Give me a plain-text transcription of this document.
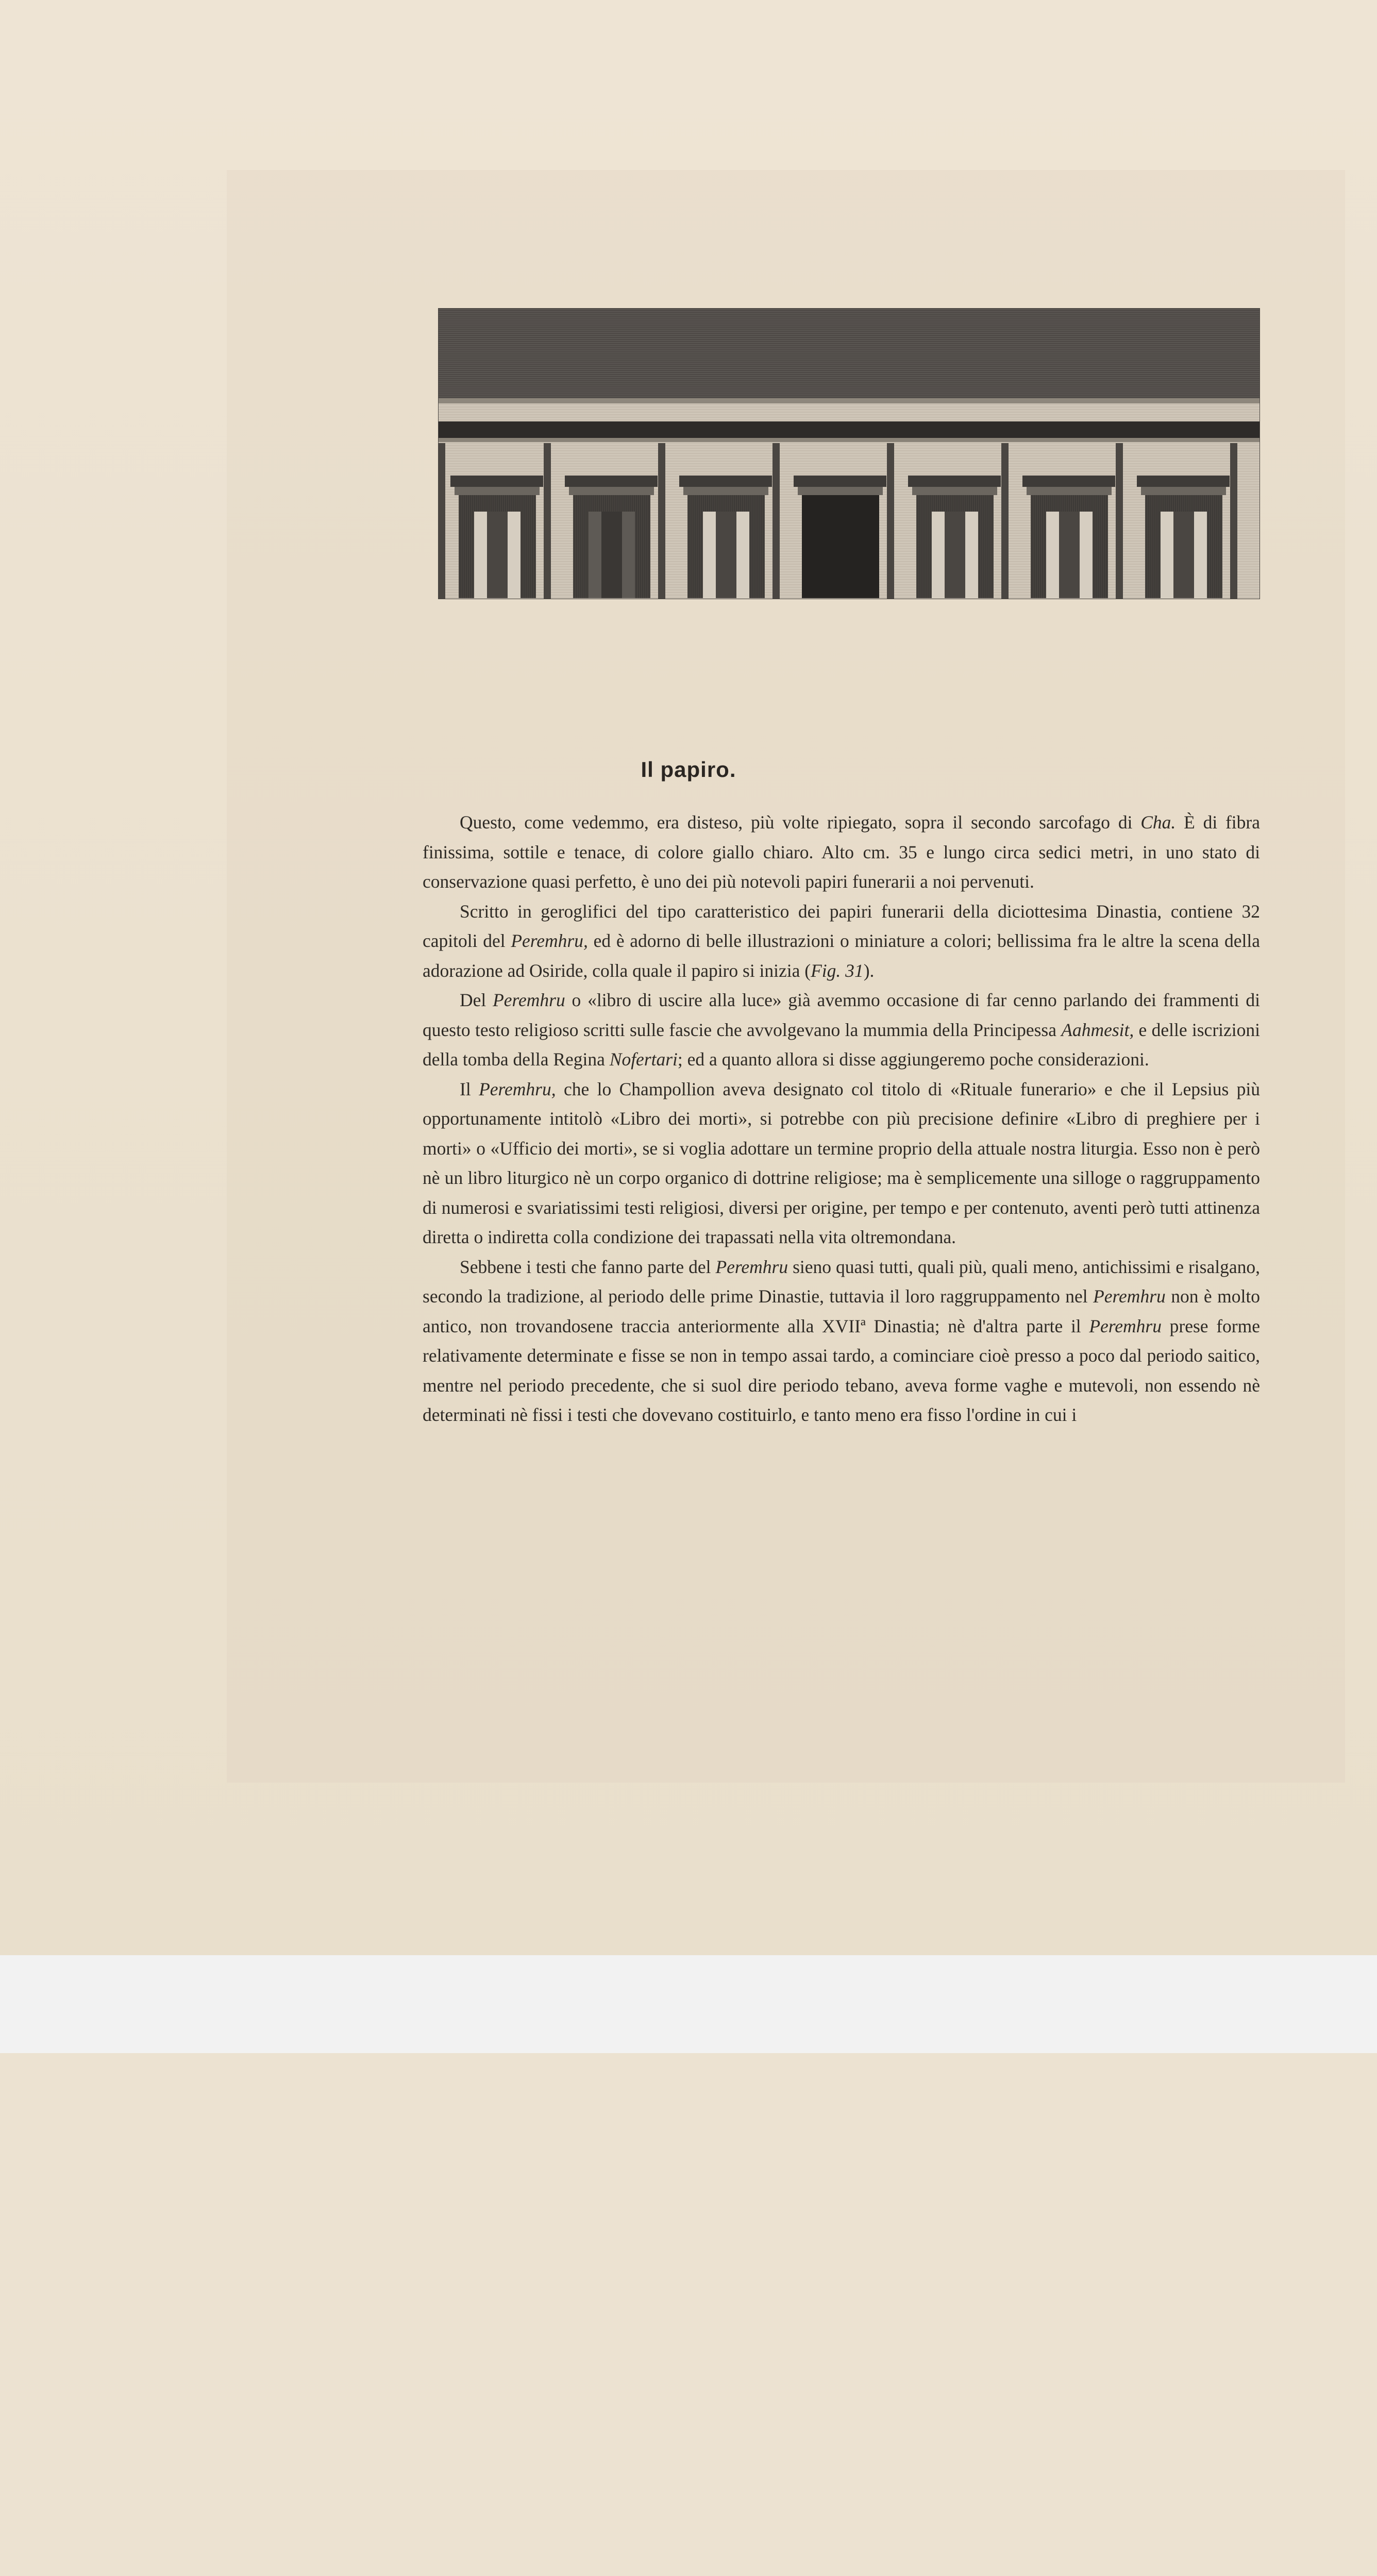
Il papiro.

Questo, come vedemmo, era disteso, più volte ripiegato, sopra il secondo sarcofago di Cha. È di fibra finissima, sottile e tenace, di colore giallo chiaro. Alto cm. 35 e lungo circa sedici metri, in uno stato di conservazione quasi perfetto, è uno dei più notevoli papiri funerarii a noi pervenuti.

Scritto in geroglifici del tipo caratteristico dei papiri funerarii della diciottesima Dinastia, contiene 32 capitoli del Peremhru, ed è adorno di belle illustrazioni o miniature a colori; bellissima fra le altre la scena della adorazione ad Osiride, colla quale il papiro si inizia (Fig. 31).

Del Peremhru o «libro di uscire alla luce» già avemmo occasione di far cenno parlando dei frammenti di questo testo religioso scritti sulle fascie che avvolgevano la mummia della Principessa Aahmesit, e delle iscrizioni della tomba della Regina Nofertari; ed a quanto allora si disse aggiungeremo poche considerazioni.

Il Peremhru, che lo Champollion aveva designato col titolo di «Rituale funerario» e che il Lepsius più opportunamente intitolò «Libro dei morti», si potrebbe con più precisione definire «Libro di preghiere per i morti» o «Ufficio dei morti», se si voglia adottare un termine proprio della attuale nostra liturgia. Esso non è però nè un libro liturgico nè un corpo organico di dottrine religiose; ma è semplicemente una silloge o raggruppamento di numerosi e svariatissimi testi religiosi, diversi per origine, per tempo e per contenuto, aventi però tutti attinenza diretta o indiretta colla condizione dei trapassati nella vita oltremondana.

Sebbene i testi che fanno parte del Peremhru sieno quasi tutti, quali più, quali meno, antichissimi e risalgano, secondo la tradizione, al periodo delle prime Dinastie, tuttavia il loro raggruppamento nel Peremhru non è molto antico, non trovandosene traccia anteriormente alla XVIIª Dinastia; nè d'altra parte il Peremhru prese forme relativamente determinate e fisse se non in tempo assai tardo, a cominciare cioè presso a poco dal periodo saitico, mentre nel periodo precedente, che si suol dire periodo tebano, aveva forme vaghe e mutevoli, non essendo nè determinati nè fissi i testi che dovevano costituirlo, e tanto meno era fisso l'ordine in cui i
